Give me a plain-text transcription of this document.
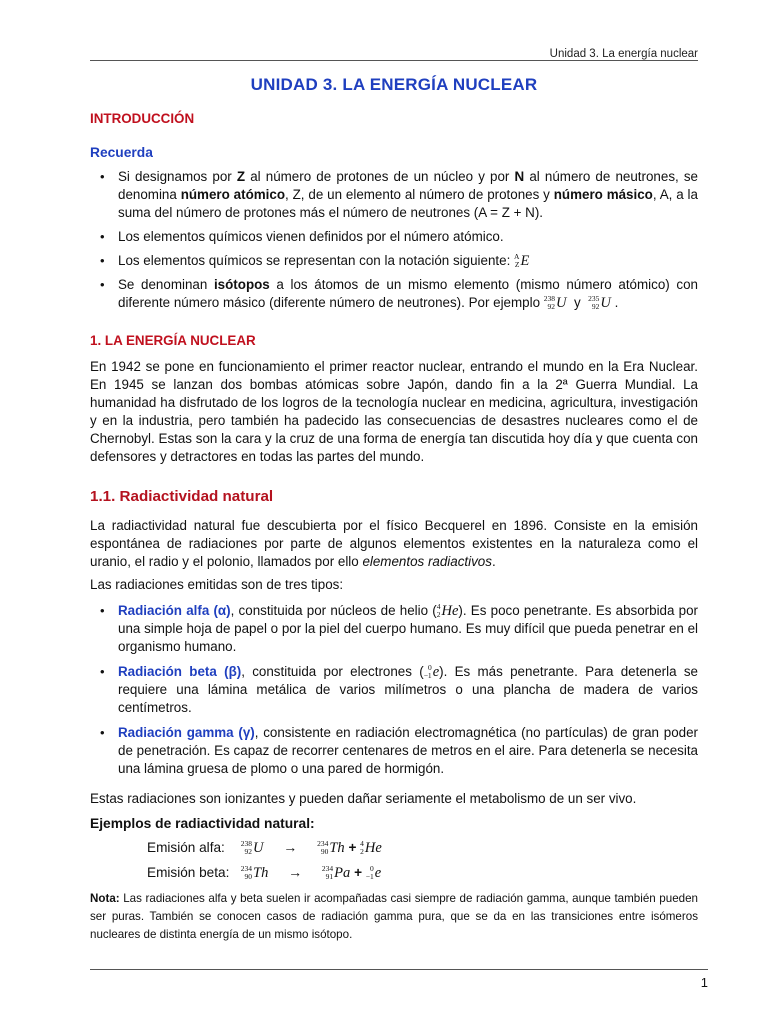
Unidad 3. La energía nuclear
UNIDAD 3. LA ENERGÍA NUCLEAR
INTRODUCCIÓN
Recuerda
• Si designamos por Z al número de protones de un núcleo y por N al número de neutrones, se denomina número atómico, Z, de un elemento al número de protones y número másico, A, a la suma del número de protones más el número de neutrones (A = Z + N).
• Los elementos químicos vienen definidos por el número atómico.
• Los elementos químicos se representan con la notación siguiente: A
Z E
• Se denominan isótopos a los átomos de un mismo elemento (mismo número atómico) con diferente número másico (diferente número de neutrones). Por ejemplo 238
92 U y 235
92 U .
1. LA ENERGÍA NUCLEAR
En 1942 se pone en funcionamiento el primer reactor nuclear, entrando el mundo en la Era Nuclear. En 1945 se lanzan dos bombas atómicas sobre Japón, dando fin a la 2ª Guerra Mundial. La humanidad ha disfrutado de los logros de la tecnología nuclear en medicina, agricultura, investigación y en la industria, pero también ha padecido las consecuencias de desastres nucleares como el de Chernobyl. Estas son la cara y la cruz de una forma de energía tan discutida hoy día y que cuenta con defensores y detractores en todas las partes del mundo.
1.1. Radiactividad natural
La radiactividad natural fue descubierta por el físico Becquerel en 1896. Consiste en la emisión espontánea de radiaciones por parte de algunos elementos existentes en la naturaleza como el uranio, el radio y el polonio, llamados por ello elementos radiactivos.
Las radiaciones emitidas son de tres tipos:
• Radiación alfa (α), constituida por núcleos de helio ( 4
2 He). Es poco penetrante. Es absorbida por una simple hoja de papel o por la piel del cuerpo humano. Es muy difícil que pueda penetrar en el organismo humano.
• Radiación beta (β), constituida por electrones ( 0
−1 e). Es más penetrante. Para detenerla se requiere una lámina metálica de varios milímetros o una plancha de madera de varios centímetros.
• Radiación gamma (γ), consistente en radiación electromagnética (no partículas) de gran poder de penetración. Es capaz de recorrer centenares de metros en el aire. Para detenerla se necesita una lámina gruesa de plomo o una pared de hormigón.
Estas radiaciones son ionizantes y pueden dañar seriamente el metabolismo de un ser vivo.
Ejemplos de radiactividad natural:
Emisión alfa: 238
92 U →	234
90 Th + 4
2 He
Emisión beta: 234
90 Th →	234
91 Pa +	0
−1 e
Nota: Las radiaciones alfa y beta suelen ir acompañadas casi siempre de radiación gamma, aunque también pueden ser puras. También se conocen casos de radiación gamma pura, que se da en las transiciones entre isómeros nucleares de distinta energía de un mismo isótopo.
1
